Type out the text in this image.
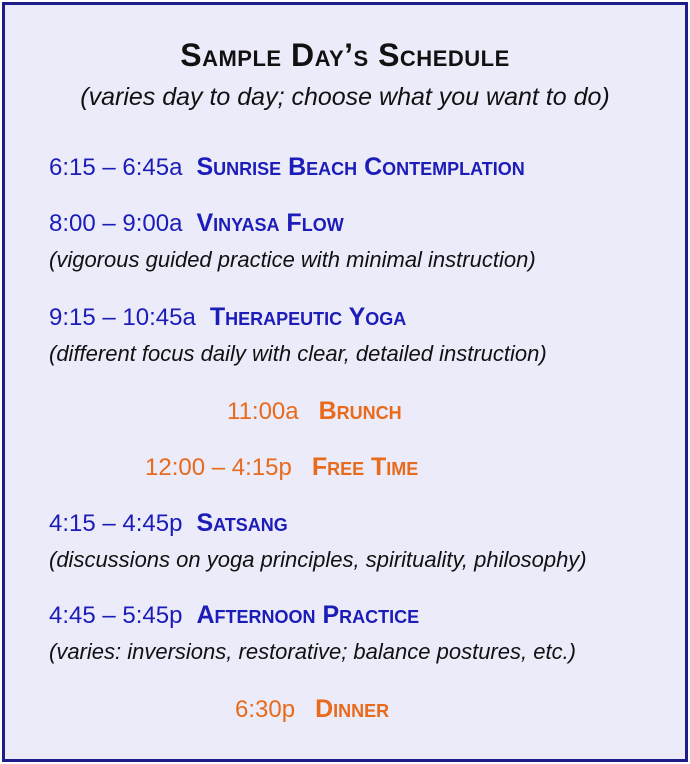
Sample Day’s Schedule
(varies day to day; choose what you want to do)
6:15 – 6:45a Sunrise Beach Contemplation
8:00 – 9:00a Vinyasa Flow
(vigorous guided practice with minimal instruction)
9:15 – 10:45a Therapeutic Yoga
(different focus daily with clear, detailed instruction)
11:00a Brunch
12:00 – 4:15p Free Time
4:15 – 4:45p Satsang
(discussions on yoga principles, spirituality, philosophy)
4:45 – 5:45p Afternoon Practice
(varies: inversions, restorative; balance postures, etc.)
6:30p Dinner
